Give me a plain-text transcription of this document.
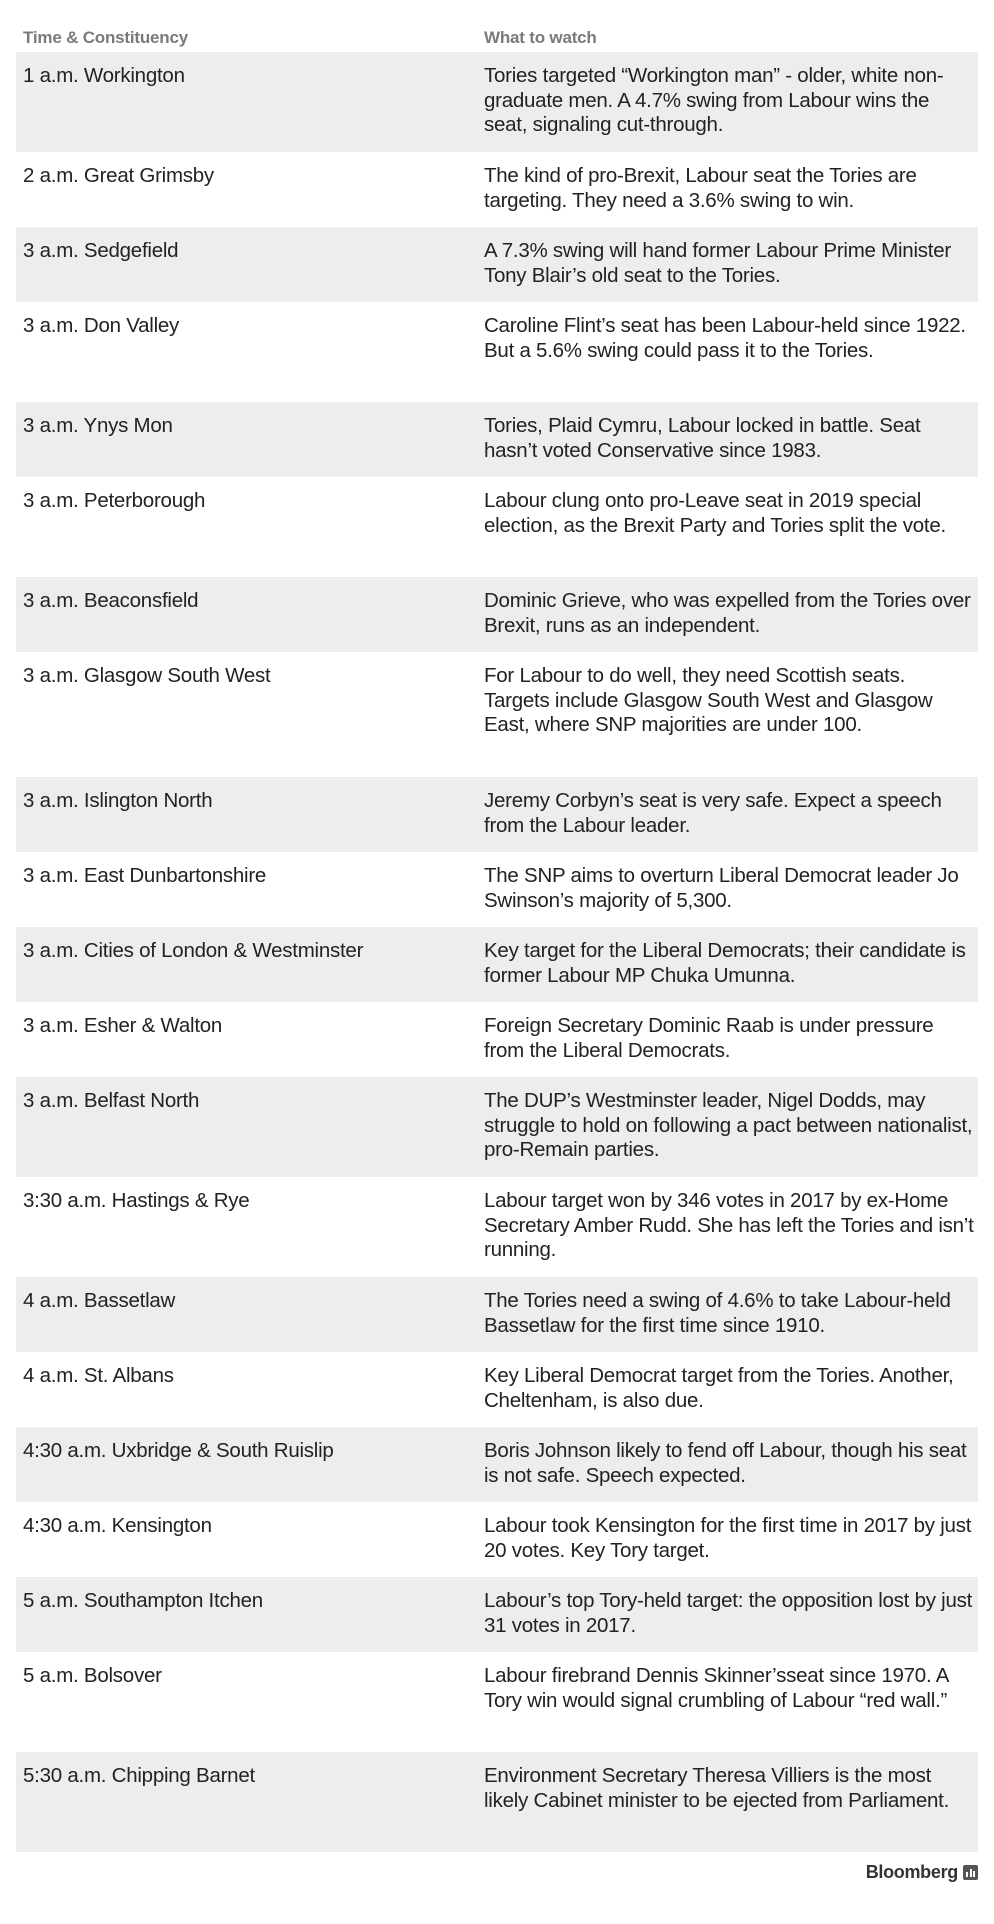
Time & Constituency	What to watch
1 a.m. Workington	Tories targeted “Workington man” - older, white non-graduate men. A 4.7% swing from Labour wins the seat, signaling cut-through.
2 a.m. Great Grimsby	The kind of pro-Brexit, Labour seat the Tories are targeting. They need a 3.6% swing to win.
3 a.m. Sedgefield	A 7.3% swing will hand former Labour Prime Minister Tony Blair’s old seat to the Tories.
3 a.m. Don Valley	Caroline Flint’s seat has been Labour-held since 1922. But a 5.6% swing could pass it to the Tories.
3 a.m. Ynys Mon	Tories, Plaid Cymru, Labour locked in battle. Seat hasn’t voted Conservative since 1983.
3 a.m. Peterborough	Labour clung onto pro-Leave seat in 2019 special election, as the Brexit Party and Tories split the vote.
3 a.m. Beaconsfield	Dominic Grieve, who was expelled from the Tories over Brexit, runs as an independent.
3 a.m. Glasgow South West	For Labour to do well, they need Scottish seats. Targets include Glasgow South West and Glasgow East, where SNP majorities are under 100.
3 a.m. Islington North	Jeremy Corbyn’s seat is very safe. Expect a speech from the Labour leader.
3 a.m. East Dunbartonshire	The SNP aims to overturn Liberal Democrat leader Jo Swinson’s majority of 5,300.
3 a.m. Cities of London & Westminster	Key target for the Liberal Democrats; their candidate is former Labour MP Chuka Umunna.
3 a.m. Esher & Walton	Foreign Secretary Dominic Raab is under pressure from the Liberal Democrats.
3 a.m. Belfast North	The DUP’s Westminster leader, Nigel Dodds, may struggle to hold on following a pact between nationalist, pro-Remain parties.
3:30 a.m. Hastings & Rye	Labour target won by 346 votes in 2017 by ex-Home Secretary Amber Rudd. She has left the Tories and isn’t running.
4 a.m. Bassetlaw	The Tories need a swing of 4.6% to take Labour-held Bassetlaw for the first time since 1910.
4 a.m. St. Albans	Key Liberal Democrat target from the Tories. Another, Cheltenham, is also due.
4:30 a.m. Uxbridge & South Ruislip	Boris Johnson likely to fend off Labour, though his seat is not safe. Speech expected.
4:30 a.m. Kensington	Labour took Kensington for the first time in 2017 by just 20 votes. Key Tory target.
5 a.m. Southampton Itchen	Labour’s top Tory-held target: the opposition lost by just 31 votes in 2017.
5 a.m. Bolsover	Labour firebrand Dennis Skinner’sseat since 1970. A Tory win would signal crumbling of Labour “red wall.”
5:30 a.m. Chipping Barnet	Environment Secretary Theresa Villiers is the most likely Cabinet minister to be ejected from Parliament.
Bloomberg
